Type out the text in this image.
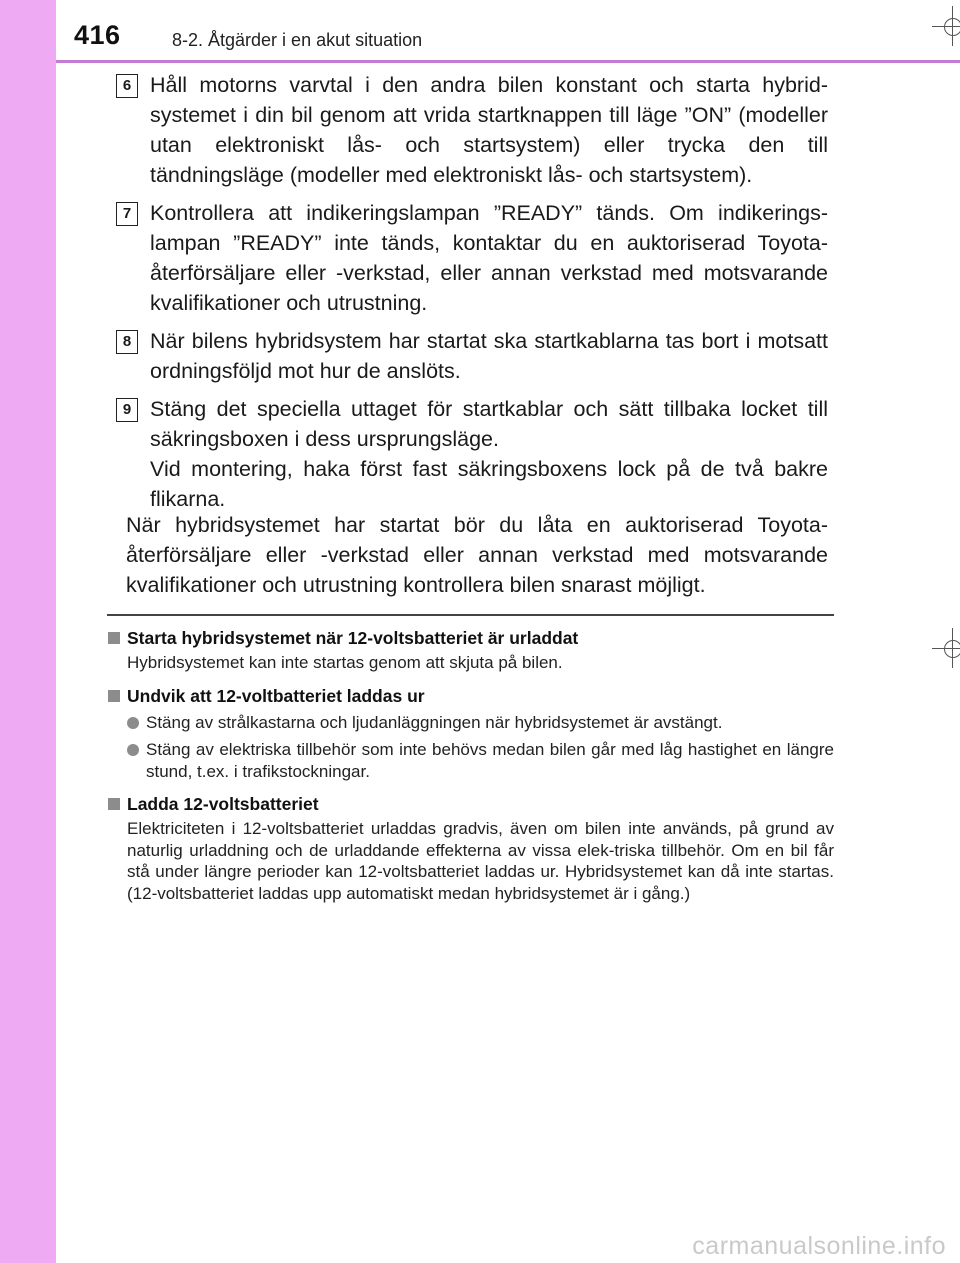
416	8-2. Åtgärder i en akut situation
6 Håll motorns varvtal i den andra bilen konstant och starta hybrid-systemet i din bil genom att vrida startknappen till läge ”ON” (modeller utan elektroniskt lås- och startsystem) eller trycka den till tändningsläge (modeller med elektroniskt lås- och startsystem).

7 Kontrollera att indikeringslampan ”READY” tänds. Om indikerings-lampan ”READY” inte tänds, kontaktar du en auktoriserad Toyota-återförsäljare eller -verkstad, eller annan verkstad med motsvarande kvalifikationer och utrustning.

8 När bilens hybridsystem har startat ska startkablarna tas bort i motsatt ordningsföljd mot hur de anslöts.

9 Stäng det speciella uttaget för startkablar och sätt tillbaka locket till säkringsboxen i dess ursprungsläge.

Vid montering, haka först fast säkringsboxens lock på de två bakre flikarna.

När hybridsystemet har startat bör du låta en auktoriserad Toyota-återförsäljare eller -verkstad eller annan verkstad med motsvarande kvalifikationer och utrustning kontrollera bilen snarast möjligt.

Starta hybridsystemet när 12-voltsbatteriet är urladdat

Hybridsystemet kan inte startas genom att skjuta på bilen.

Undvik att 12-voltbatteriet laddas ur

Stäng av strålkastarna och ljudanläggningen när hybridsystemet är avstängt.
Stäng av elektriska tillbehör som inte behövs medan bilen går med låg hastighet en längre stund, t.ex. i trafikstockningar.

Ladda 12-voltsbatteriet

Elektriciteten i 12-voltsbatteriet urladdas gradvis, även om bilen inte används, på grund av naturlig urladdning och de urladdande effekterna av vissa elek-triska tillbehör. Om en bil får stå under längre perioder kan 12-voltsbatteriet laddas ur. Hybridsystemet kan då inte startas. (12-voltsbatteriet laddas upp automatiskt medan hybridsystemet är i gång.)

carmanualsonline.info
